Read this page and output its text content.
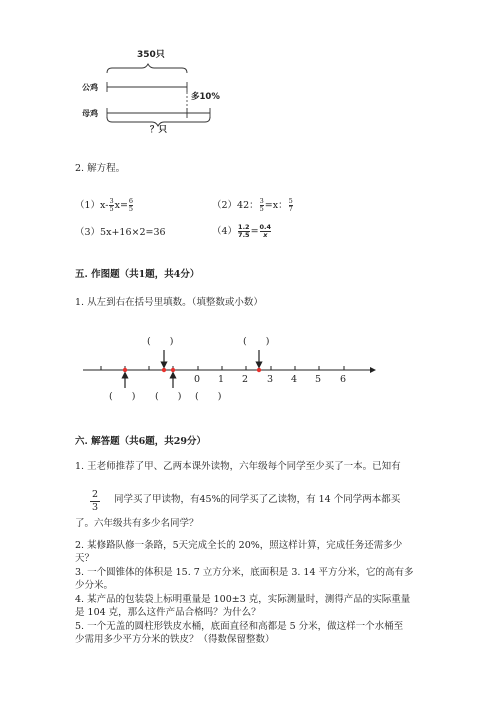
350只
公鸡
母鸡
多10%
？只
2. 解方程。
$(1)x- \frac{3}{5} x= \frac{6}{5}$	（2）42： $\frac{3}{5} =x$： $\frac{5}{7}$
（3）5x+16×2=36	$(4) \frac{1.2}{7.5} = \frac{0.4}{x}$
五. 作图题（共1题，共4分）
1. 从左到右在括号里填数。（填整数或小数）
0 1 2 3 4 5 6
(　　)	(　　)
(　　) (　　) (　　)
六. 解答题（共6题，共29分）
1. 王老师推荐了甲、乙两本课外读物，六年级每个同学至少买了一本。已知有
2
3
同学买了甲读物，有45%的同学买了乙读物，有 14 个同学两本都买
了。六年级共有多少名同学？
2. 某修路队修一条路，5天完成全长的 20%，照这样计算，完成任务还需多少
天？
3. 一个圆锥体的体积是 15. 7 立方分米，底面积是 3. 14 平方分米，它的高有多
少分米。
4. 某产品的包装袋上标明重量是 100±3 克，实际测量时，测得产品的实际重量
是 104 克，那么这件产品合格吗？为什么？
5. 一个无盖的圆柱形铁皮水桶，底面直径和高都是 5 分米，做这样一个水桶至
少需用多少平方分米的铁皮？（得数保留整数）
